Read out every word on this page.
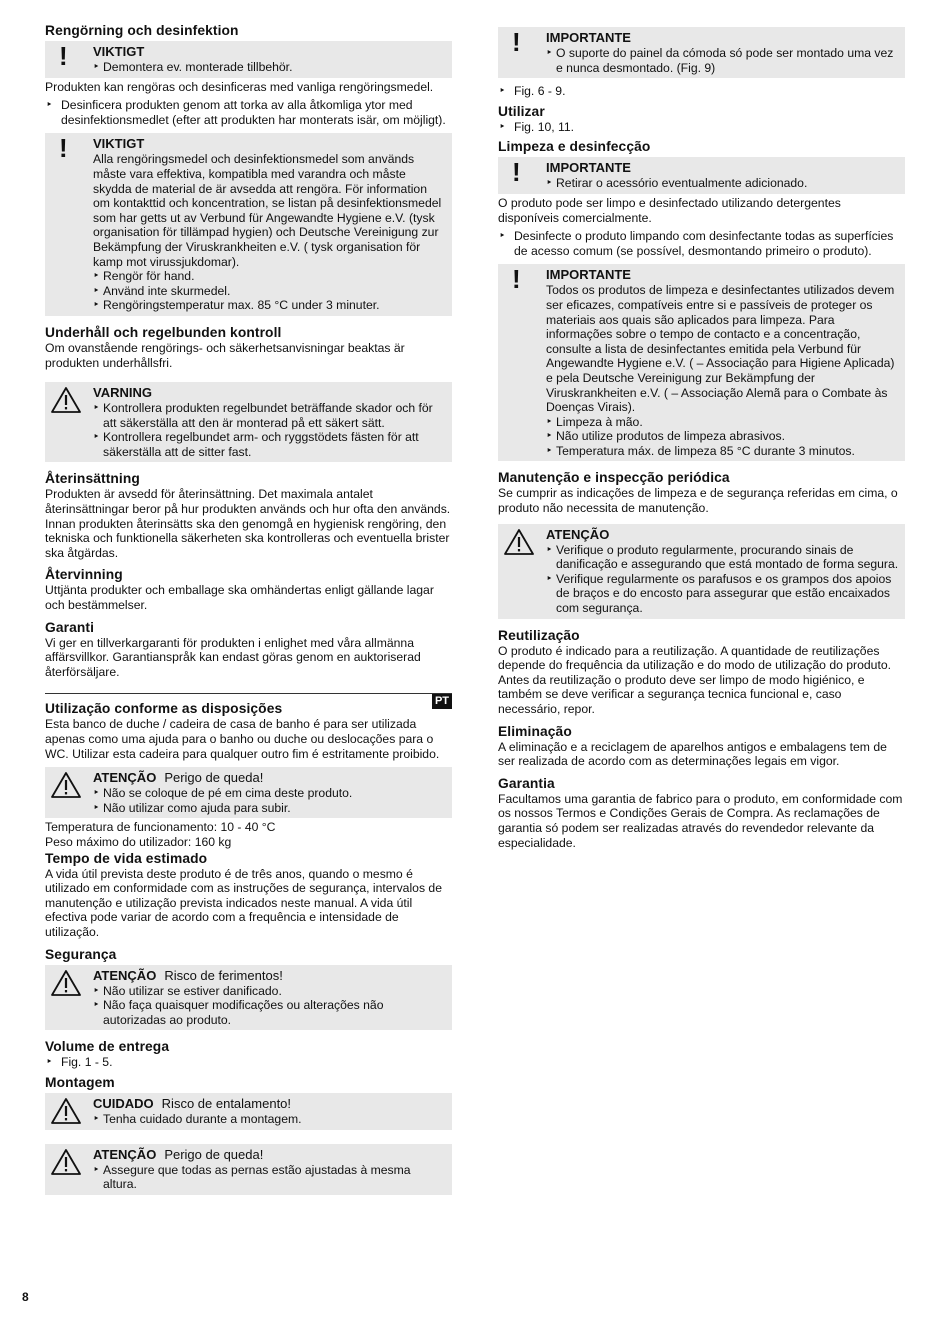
Rengörning och desinfektion
! VIKTIGT
‣ Demontera ev. monterade tillbehör.

Produkten kan rengöras och desinficeras med vanliga rengöringsmedel.

‣ Desinficera produkten genom att torka av alla åtkomliga ytor med desinfektionsmedlet (efter att produkten har monterats isär, om möjligt).
! VIKTIGT

Alla rengöringsmedel och desinfektionsmedel som används måste vara effektiva, kompatibla med varandra och måste skydda de material de är avsedda att rengöra. För information om kontakttid och koncentration, se listan på desinfektionsmedel som har getts ut av Verbund für Angewandte Hygiene e.V. (tysk organisation för tillämpad hygien) och Deutsche Vereinigung zur Bekämpfung der Viruskrankheiten e.V. ( tysk organisation för kamp mot virussjukdomar).

‣ Rengör för hand.
‣ Använd inte skurmedel.
‣ Rengöringstemperatur max. 85 °C under 3 minuter.
Underhåll och regelbunden kontroll

Om ovanstående rengörings- och säkerhetsanvisningar beaktas är produkten underhållsfri.

VARNING
‣ Kontrollera produkten regelbundet beträffande skador och för att säkerställa att den är monterad på ett säkert sätt.
‣ Kontrollera regelbundet arm- och ryggstödets fästen för att säkerställa att de sitter fast.
Återinsättning

Produkten är avsedd för återinsättning. Det maximala antalet återinsättningar beror på hur produkten används och hur ofta den används. Innan produkten återinsätts ska den genomgå en hygienisk rengöring, den tekniska och funktionella säkerheten ska kontrolleras och eventuella brister ska åtgärdas.

Återvinning

Uttjänta produkter och emballage ska omhändertas enligt gällande lagar och bestämmelser.

Garanti

Vi ger en tillverkargaranti för produkten i enlighet med våra allmänna affärsvillkor. Garantianspråk kan endast göras genom en auktoriserad återförsäljare.

PT
Utilização conforme as disposições

Esta banco de duche / cadeira de casa de banho é para ser utilizada apenas como uma ajuda para o banho ou duche ou deslocações para o WC. Utilizar esta cadeira para qualquer outro fim é estritamente proibido.

ATENÇÃO Perigo de queda!
‣ Não se coloque de pé em cima deste produto.
‣ Não utilizar como ajuda para subir.

Temperatura de funcionamento: 10 - 40 °C

Peso máximo do utilizador: 160 kg

Tempo de vida estimado

A vida útil prevista deste produto é de três anos, quando o mesmo é utilizado em conformidade com as instruções de segurança, intervalos de manutenção e utilização prevista indicados neste manual. A vida útil efectiva pode variar de acordo com a frequência e intensidade de utilização.

Segurança
ATENÇÃO Risco de ferimentos!
‣ Não utilizar se estiver danificado.
‣ Não faça quaisquer modificações ou alterações não autorizadas ao produto.
Volume de entrega
‣ Fig. 1 - 5.
Montagem
CUIDADO Risco de entalamento!
‣ Tenha cuidado durante a montagem.
ATENÇÃO Perigo de queda!
‣ Assegure que todas as pernas estão ajustadas à mesma altura.
! IMPORTANTE
‣ O suporte do painel da cómoda só pode ser montado uma vez e nunca desmontado. (Fig. 9)
‣ Fig. 6 - 9.
Utilizar
‣ Fig. 10, 11.
Limpeza e desinfecção
! IMPORTANTE
‣ Retirar o acessório eventualmente adicionado.

O produto pode ser limpo e desinfectado utilizando detergentes disponíveis comercialmente.

‣ Desinfecte o produto limpando com desinfectante todas as superfícies de acesso comum (se possível, desmontando primeiro o produto).
! IMPORTANTE

Todos os produtos de limpeza e desinfectantes utilizados devem ser eficazes, compatíveis entre si e passíveis de proteger os materiais aos quais são aplicados para limpeza. Para informações sobre o tempo de contacto e a concentração, consulte a lista de desinfectantes emitida pela Verbund für Angewandte Hygiene e.V. ( – Associação para Higiene Aplicada) e pela Deutsche Vereinigung zur Bekämpfung der Viruskrankheiten e.V. ( – Associação Alemã para o Combate às Doenças Virais).

‣ Limpeza à mão.
‣ Não utilize produtos de limpeza abrasivos.
‣ Temperatura máx. de limpeza 85 °C durante 3 minutos.
Manutenção e inspecção periódica

Se cumprir as indicações de limpeza e de segurança referidas em cima, o produto não necessita de manutenção.

ATENÇÃO
‣ Verifique o produto regularmente, procurando sinais de danificação e assegurando que está montado de forma segura.
‣ Verifique regularmente os parafusos e os grampos dos apoios de braços e do encosto para assegurar que estão encaixados com segurança.
Reutilização

O produto é indicado para a reutilização. A quantidade de reutilizações depende do frequência da utilização e do modo de utilização do produto. Antes da reutilização o produto deve ser limpo de modo higiénico, e também se deve verificar a segurança tecnica funcional e, caso necessário, repor.

Eliminação

A eliminação e a reciclagem de aparelhos antigos e embalagens tem de ser realizada de acordo com as determinações legais em vigor.

Garantia

Facultamos uma garantia de fabrico para o produto, em conformidade com os nossos Termos e Condições Gerais de Compra. As reclamações de garantia só podem ser realizadas através do revendedor relevante da especialidade.

8
